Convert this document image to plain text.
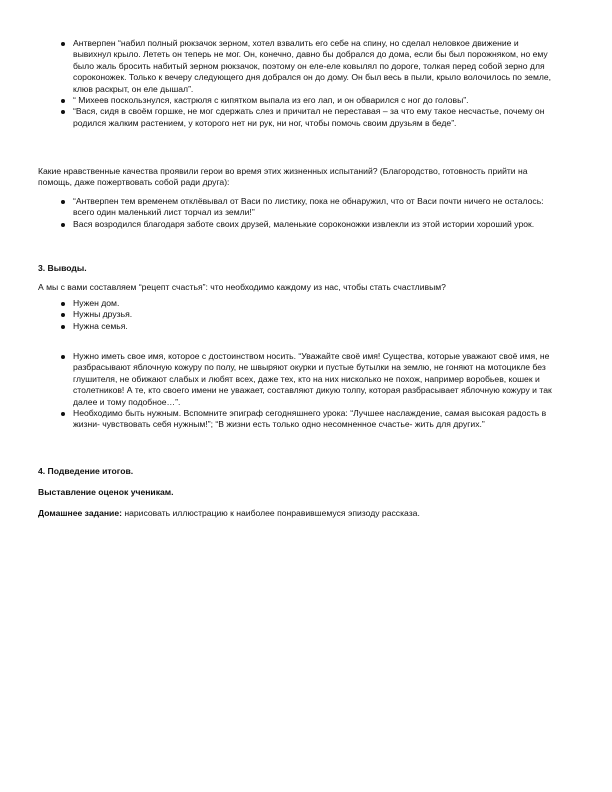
Антверпен “набил полный рюкзачок зерном, хотел взвалить его себе на спину, но сделал неловкое движение и вывихнул крыло. Лететь он теперь не мог. Он, конечно, давно бы добрался до дома, если бы был порожняком, но ему было жаль бросить набитый зерном рюкзачок, поэтому он еле-еле ковылял по дороге, толкая перед собой зерно для сороконожек. Только к вечеру следующего дня добрался он до дому. Он был весь в пыли, крыло волочилось по земле, клюв раскрыт, он еле дышал”.
“ Михеев поскользнулся, кастрюля с кипятком выпала из его лап, и он обварился с ног до головы”.
“Вася, сидя в своём горшке, не мог сдержать слез и причитал не переставая – за что ему такое несчастье, почему он родился жалким растением, у которого нет ни рук, ни ног, чтобы помочь своим друзьям в беде”.

Какие нравственные качества проявили герои во время этих жизненных испытаний? (Благородство, готовность прийти на помощь, даже пожертвовать собой ради друга):

“Антверпен тем временем отклёвывал от Васи по листику, пока не обнаружил, что от Васи почти ничего не осталось: всего один маленький лист торчал из земли!”
Вася возродился благодаря заботе своих друзей, маленькие сороконожки извлекли из этой истории хороший урок.

3. Выводы.

А мы с вами составляем “рецепт счастья”: что необходимо каждому из нас, чтобы стать счастливым?

Нужен дом.
Нужны друзья.
Нужна семья.
Нужно иметь свое имя, которое с достоинством носить. “Уважайте своё имя! Существа, которые уважают своё имя, не разбрасывают яблочную кожуру по полу, не швыряют окурки и пустые бутылки на землю, не гоняют на мотоцикле без глушителя, не обижают слабых и любят всех, даже тех, кто на них нисколько не похож, например воробьев, кошек и столетников! А те, кто своего имени не уважает, составляют дикую толпу, которая разбрасывает яблочную кожуру и так далее и тому подобное…”.
Необходимо быть нужным. Вспомните эпиграф сегодняшнего урока: “Лучшее наслаждение, самая высокая радость в жизни- чувствовать себя нужным!”; “В жизни есть только одно несомненное счастье- жить для других.”

4. Подведение итогов.

Выставление оценок ученикам.

Домашнее задание: нарисовать иллюстрацию к наиболее понравившемуся эпизоду рассказа.
